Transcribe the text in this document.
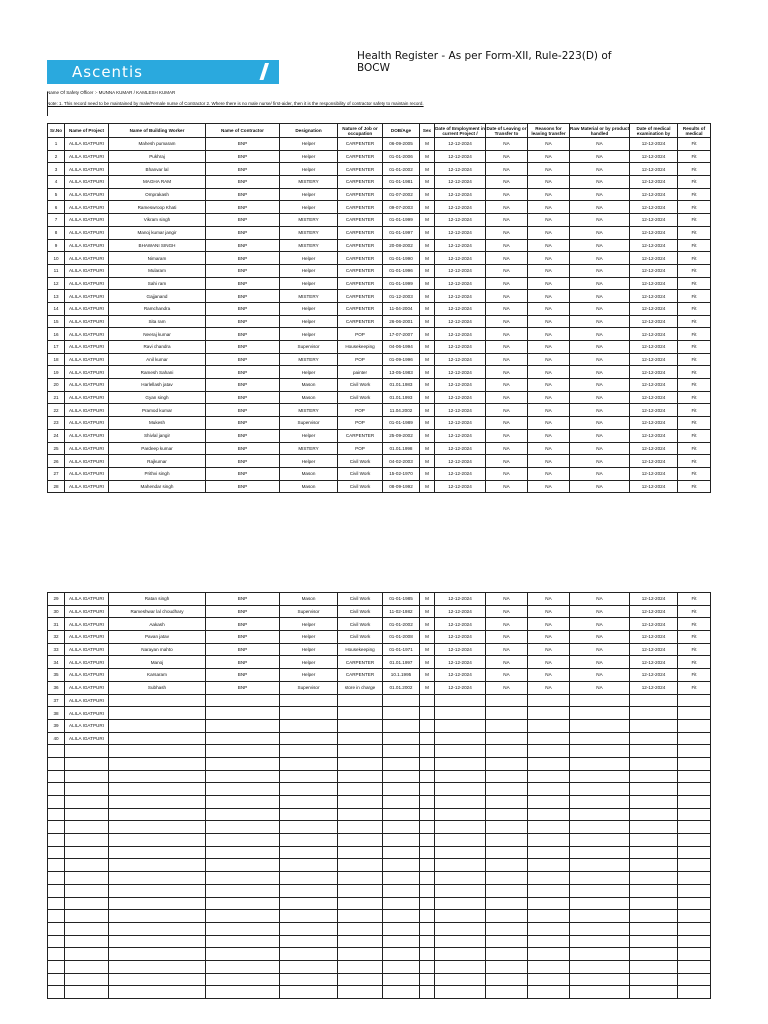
Health Register - As per Form-XII, Rule-223(D) of BOCW
Ascentis	Building
Projects
Name Of Safety Officer :- MUNNA KUMAR / KAMLESH KUMAR
Note: 1. This record need to be maintained by male/Female nurse of Contractor 2. Where there is no male nurse/ first-aider, then it is the responsibility of contractor safety to maintain record.
Sr.No	Name of Project	Name of Building Worker	Name of Contractor	Designation	Nature of Job or occupation	DOB/Age	Sex	Date of Employment in current Project /	Date of Leaving or Transfer to	Reasons for leaving transfer	Raw Material or by product handled	Date of medical examination by	Results of medical
1	ALILA IGATPURI	Mahesh pumaram	BNP	Helper	CARPENTER	06-09-2005	M	12-12-2024	NA	NA	NA	12-12-2024	Fit
2	ALILA IGATPURI	Pukhraj	BNP	Helper	CARPENTER	01-01-2006	M	12-12-2024	NA	NA	NA	12-12-2024	Fit
3	ALILA IGATPURI	Bhanvar lal	BNP	Helper	CARPENTER	01-01-2002	M	12-12-2024	NA	NA	NA	12-12-2024	Fit
4	ALILA IGATPURI	MAGHA RAM	BNP	MISTERY	CARPENTER	01-01-1981	M	12-12-2024	NA	NA	NA	12-12-2024	Fit
5	ALILA IGATPURI	Omprakash	BNP	Helper	CARPENTER	01-07-2002	M	12-12-2024	NA	NA	NA	12-12-2024	Fit
6	ALILA IGATPURI	Rameswroop Khati	BNP	Helper	CARPENTER	09-07-2003	M	12-12-2024	NA	NA	NA	12-12-2024	Fit
7	ALILA IGATPURI	Vikram singh	BNP	MISTERY	CARPENTER	01-01-1999	M	12-12-2024	NA	NA	NA	12-12-2024	Fit
8	ALILA IGATPURI	Manoj kumar jangir	BNP	MISTERY	CARPENTER	01-01-1997	M	12-12-2024	NA	NA	NA	12-12-2024	Fit
9	ALILA IGATPURI	BHAWANI SINGH	BNP	MISTERY	CARPENTER	20-08-2002	M	12-12-2024	NA	NA	NA	12-12-2024	Fit
10	ALILA IGATPURI	Nimaram	BNP	Helper	CARPENTER	01-01-1990	M	12-12-2024	NA	NA	NA	12-12-2024	Fit
11	ALILA IGATPURI	Mularam	BNP	Helper	CARPENTER	01-01-1996	M	12-12-2024	NA	NA	NA	12-12-2024	Fit
12	ALILA IGATPURI	Sahi ram	BNP	Helper	CARPENTER	01-01-1999	M	12-12-2024	NA	NA	NA	12-12-2024	Fit
13	ALILA IGATPURI	Gajjanand	BNP	MISTERY	CARPENTER	01-12-2003	M	12-12-2024	NA	NA	NA	12-12-2024	Fit
14	ALILA IGATPURI	Ramchandra	BNP	Helper	CARPENTER	11-04-2004	M	12-12-2024	NA	NA	NA	12-12-2024	Fit
15	ALILA IGATPURI	Sita ram	BNP	Helper	CARPENTER	26-06-2001	M	12-12-2024	NA	NA	NA	12-12-2024	Fit
16	ALILA IGATPURI	Neeraj kumar	BNP	Helper	POP	17-07-2007	M	12-12-2024	NA	NA	NA	12-12-2024	Fit
17	ALILA IGATPURI	Ravi chandra	BNP	Supervisor	Housekeeping	04-06-1994	M	12-12-2024	NA	NA	NA	12-12-2024	Fit
18	ALILA IGATPURI	Anil kumar	BNP	MISTERY	POP	01-09-1996	M	12-12-2024	NA	NA	NA	12-12-2024	Fit
19	ALILA IGATPURI	Ramesh Sahani	BNP	Helper	painter	13-05-1983	M	12-12-2024	NA	NA	NA	12-12-2024	Fit
20	ALILA IGATPURI	Harlellash jatav	BNP	Mason	Civil Work	01.01.1983	M	12-12-2024	NA	NA	NA	12-12-2024	Fit
21	ALILA IGATPURI	Gyan singh	BNP	Mason	Civil Work	01.01.1993	M	12-12-2024	NA	NA	NA	12-12-2024	Fit
22	ALILA IGATPURI	Pramod kumar	BNP	MISTERY	POP	11.04.2002	M	12-12-2024	NA	NA	NA	12-12-2024	Fit
23	ALILA IGATPURI	Mukesh	BNP	Supervisor	POP	01-01-1989	M	12-12-2024	NA	NA	NA	12-12-2024	Fit
24	ALILA IGATPURI	Shivlal jangir	BNP	Helper	CARPENTER	25-09-2002	M	12-12-2024	NA	NA	NA	12-12-2024	Fit
25	ALILA IGATPURI	Pardeep kumar	BNP	MISTERY	POP	01.01.1998	M	12-12-2024	NA	NA	NA	12-12-2024	Fit
26	ALILA IGATPURI	Rajkumar	BNP	Helper	Civil Work	04-02-2003	M	12-12-2024	NA	NA	NA	12-12-2024	Fit
27	ALILA IGATPURI	Prithvi singh	BNP	Mason	Civil Work	15-02-1970	M	12-12-2024	NA	NA	NA	12-12-2024	Fit
28	ALILA IGATPURI	Mahendar singh	BNP	Mason	Civil Work	08-09-1992	M	12-12-2024	NA	NA	NA	12-12-2024	Fit
29	ALILA IGATPURI	Ratan singh	BNP	Mason	Civil Work	01-01-1985	M	12-12-2024	NA	NA	NA	12-12-2024	Fit
30	ALILA IGATPURI	Rameshwar lal choudhary	BNP	Supervisor	Civil Work	11-02-1982	M	12-12-2024	NA	NA	NA	12-12-2024	Fit
31	ALILA IGATPURI	Aakash	BNP	Helper	Civil Work	01-01-2002	M	12-12-2024	NA	NA	NA	12-12-2024	Fit
32	ALILA IGATPURI	Pavan jatav	BNP	Helper	Civil Work	01-01-2008	M	12-12-2024	NA	NA	NA	12-12-2024	Fit
33	ALILA IGATPURI	Narayan mahto	BNP	Helper	Housekeeping	01-01-1971	M	12-12-2024	NA	NA	NA	12-12-2024	Fit
34	ALILA IGATPURI	Manoj	BNP	Helper	CARPENTER	01.01.1997	M	12-12-2024	NA	NA	NA	12-12-2024	Fit
35	ALILA IGATPURI	Karsaram	BNP	Helper	CARPENTER	10.1.1995	M	12-12-2024	NA	NA	NA	12-12-2024	Fit
36	ALILA IGATPURI	Subhash	BNP	Supervisor	store in charge	01.01.2002	M	12-12-2024	NA	NA	NA	12-12-2024	Fit
37	ALILA IGATPURI												
38	ALILA IGATPURI												
39	ALILA IGATPURI												
40	ALILA IGATPURI												
